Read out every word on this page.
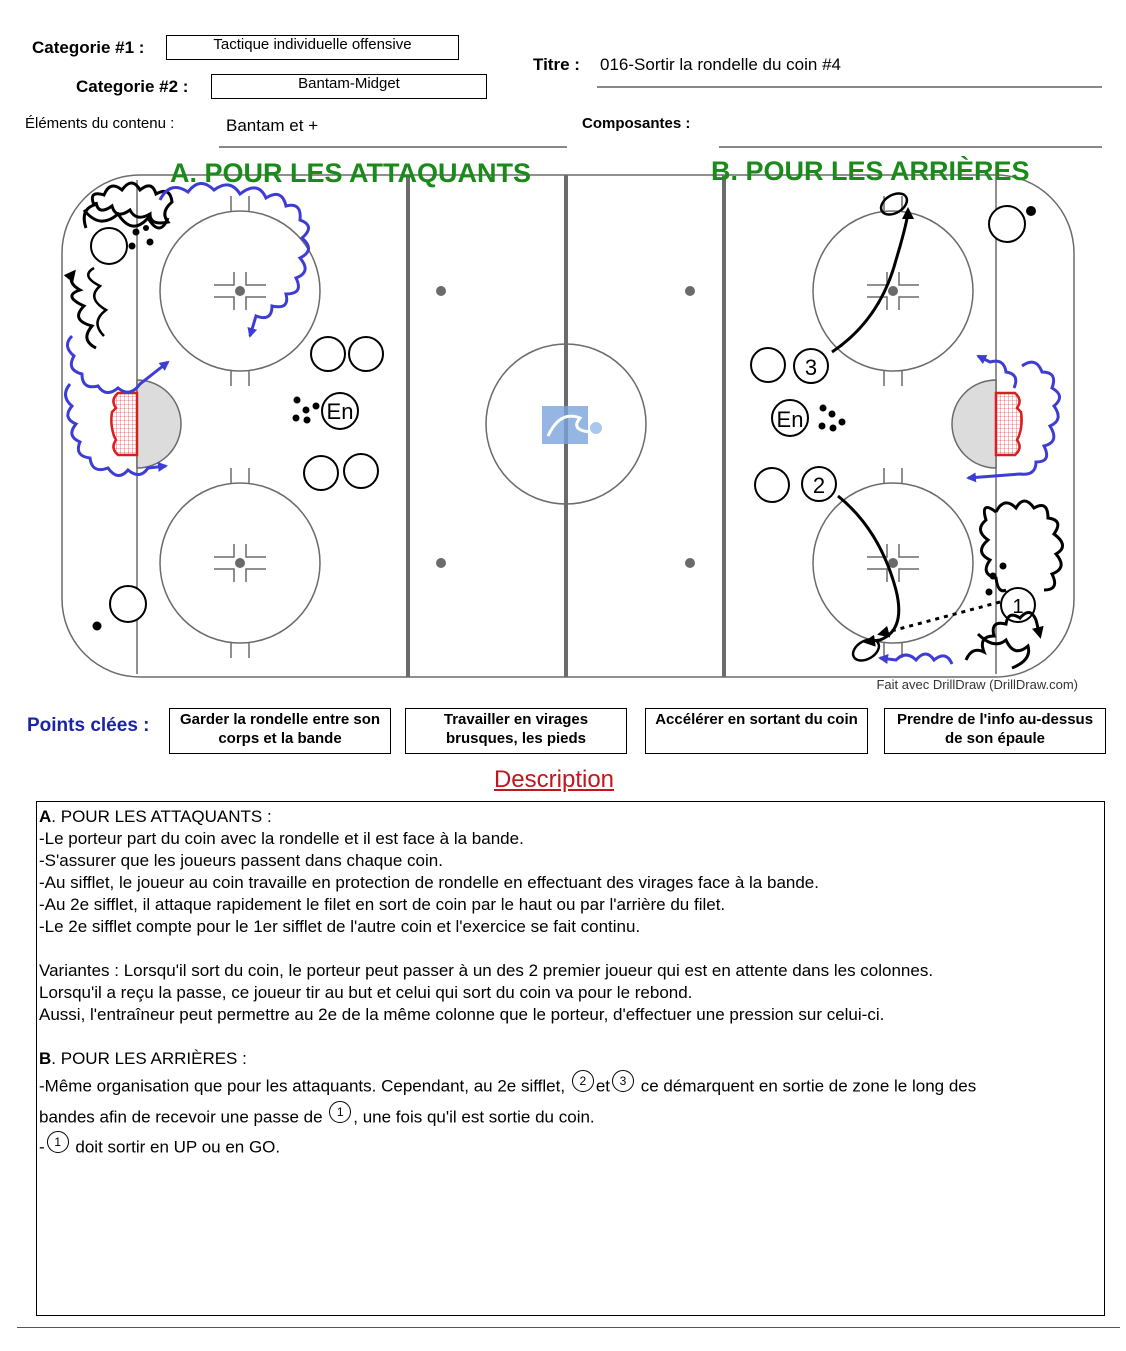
Categorie #1 :	Tactique individuelle offensive
Categorie #2 :	Bantam-Midget
Titre : 016-Sortir la rondelle du coin #4
Éléments du contenu :	Bantam et +	Composantes :
A. POUR LES ATTAQUANTS	B. POUR LES ARRIÈRES
En
3
En
2
1
Fait avec DrillDraw (DrillDraw.com)
Points clées :	Garder la rondelle entre son corps et la bande
Travailler en virages brusques, les pieds
Accélérer en sortant du coin	Prendre de l'info au-dessus de son épaule
Description

A. POUR LES ATTAQUANTS :

-Le porteur part du coin avec la rondelle et il est face à la bande.

-S'assurer que les joueurs passent dans chaque coin.

-Au sifflet, le joueur au coin travaille en protection de rondelle en effectuant des virages face à la bande.

-Au 2e sifflet, il attaque rapidement le filet en sort de coin par le haut ou par l'arrière du filet.

-Le 2e sifflet compte pour le 1er sifflet de l'autre coin et l'exercice se fait continu.

Variantes : Lorsqu'il sort du coin, le porteur peut passer à un des 2 premier joueur qui est en attente dans les colonnes.

Lorsqu'il a reçu la passe, ce joueur tir au but et celui qui sort du coin va pour le rebond.

Aussi, l'entraîneur peut permettre au 2e de la même colonne que le porteur, d'effectuer une pression sur celui-ci.

B. POUR LES ARRIÈRES :

-Même organisation que pour les attaquants. Cependant, au 2e sifflet, 2 et 3 ce démarquent en sortie de zone le long des

bandes afin de recevoir une passe de 1 , une fois qu'il est sortie du coin.

- 1 doit sortir en UP ou en GO.
